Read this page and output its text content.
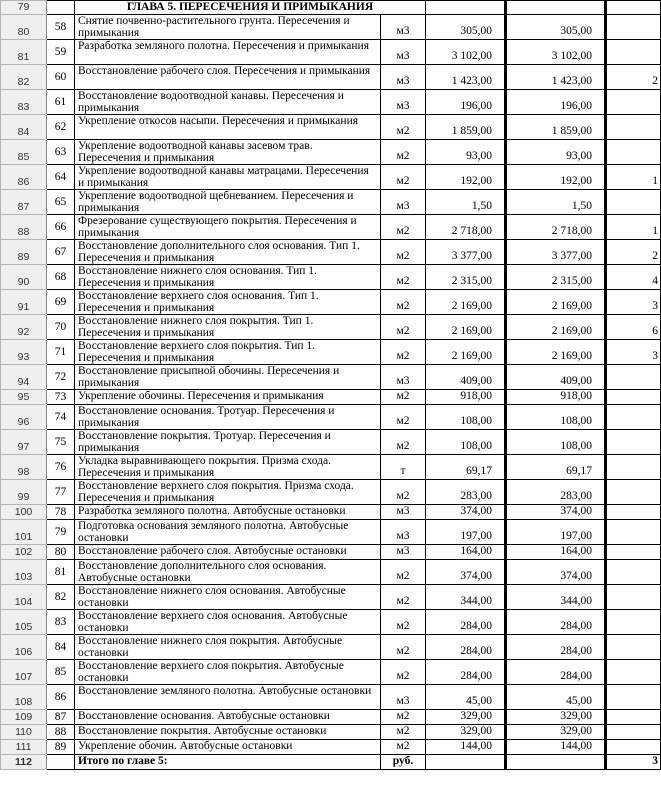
79		ГЛАВА 5. ПЕРЕСЕЧЕНИЯ И ПРИМЫКАНИЯ				
80	58	Снятие почвенно-растительного грунта. Пересечения и примыкания	м3	305,00	305,00	
81	59	Разработка земляного полотна. Пересечения и примыкания	м3	3 102,00	3 102,00	
82	60	Восстановление рабочего слоя. Пересечения и примыкания	м3	1 423,00	1 423,00	2
83	61	Восстановление водоотводной канавы. Пересечения и примыкания	м3	196,00	196,00	
84	62	Укрепление откосов насыпи. Пересечения и примыкания	м2	1 859,00	1 859,00	
85	63	Укрепление водоотводной канавы засевом трав. Пересечения и примыкания	м2	93,00	93,00	
86	64	Укрепление водоотводной канавы матрацами. Пересечения и примыкания	м2	192,00	192,00	1
87	65	Укрепление водоотводной щебневанием. Пересечения и примыкания	м3	1,50	1,50	
88	66	Фрезерование существующего покрытия. Пересечения и примыкания	м2	2 718,00	2 718,00	1
89	67	Восстановление дополнительного слоя основания. Тип 1. Пересечения и примыкания	м2	3 377,00	3 377,00	2
90	68	Восстановление нижнего слоя основания. Тип 1. Пересечения и примыкания	м2	2 315,00	2 315,00	4
91	69	Восстановление верхнего слоя основания. Тип 1. Пересечения и примыкания	м2	2 169,00	2 169,00	3
92	70	Восстановление нижнего слоя покрытия. Тип 1. Пересечения и примыкания	м2	2 169,00	2 169,00	6
93	71	Восстановление верхнего слоя покрытия. Тип 1. Пересечения и примыкания	м2	2 169,00	2 169,00	3
94	72	Восстановление присыпной обочины. Пересечения и примыкания	м3	409,00	409,00	
95	73	Укрепление обочины. Пересечения и примыкания	м2	918,00	918,00	
96	74	Восстановление основания. Тротуар. Пересечения и примыкания	м2	108,00	108,00	
97	75	Восстановление покрытия. Тротуар. Пересечения и примыкания	м2	108,00	108,00	
98	76	Укладка выравнивающего покрытия. Призма схода. Пересечения и примыкания	т	69,17	69,17	
99	77	Восстановление верхнего слоя покрытия. Призма схода. Пересечения и примыкания	м2	283,00	283,00	
100	78	Разработка земляного полотна. Автобусные остановки	м3	374,00	374,00	
101	79	Подготовка основания земляного полотна. Автобусные остановки	м3	197,00	197,00	
102	80	Восстановление рабочего слоя. Автобусные остановки	м3	164,00	164,00	
103	81	Восстановление дополнительного слоя основания. Автобусные остановки	м2	374,00	374,00	
104	82	Восстановление нижнего слоя основания. Автобусные остановки	м2	344,00	344,00	
105	83	Восстановление верхнего слоя основания. Автобусные остановки	м2	284,00	284,00	
106	84	Восстановление нижнего слоя покрытия. Автобусные остановки	м2	284,00	284,00	
107	85	Восстановление верхнего слоя покрытия. Автобусные остановки	м2	284,00	284,00	
108	86	Восстановление земляного полотна. Автобусные остановки	м3	45,00	45,00	
109	87	Восстановление основания. Автобусные остановки	м2	329,00	329,00	
110	88	Восстановление покрытия. Автобусные остановки	м2	329,00	329,00	
111	89	Укрепление обочин. Автобусные остановки	м2	144,00	144,00	
112		Итого по главе 5:	руб.			3
